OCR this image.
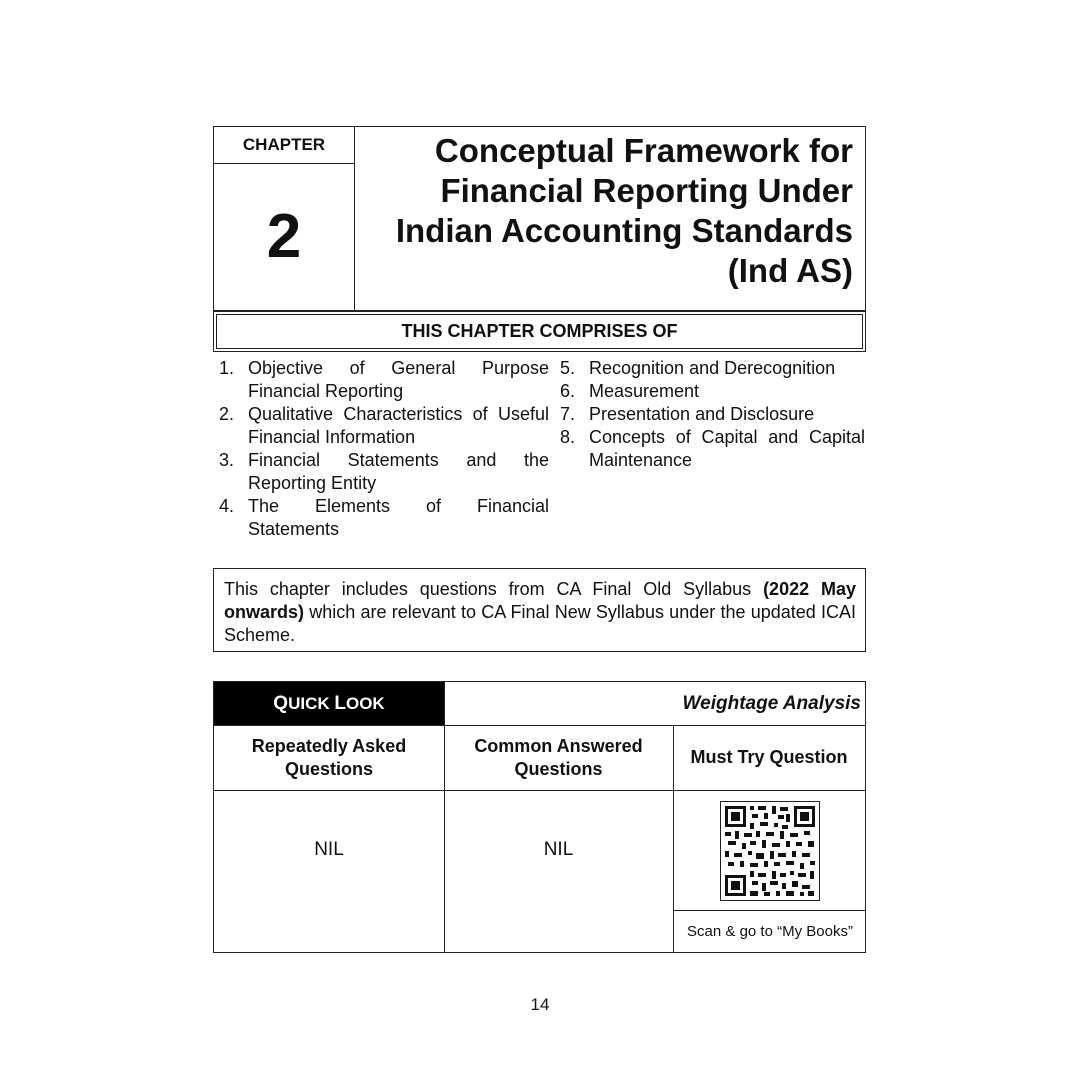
CHAPTER
2
Conceptual Framework for
Financial Reporting Under
Indian Accounting Standards
(Ind AS)
THIS CHAPTER COMPRISES OF
1. Objective of General Purpose Financial Reporting
2. Qualitative Characteristics of Useful Financial Information
3. Financial Statements and the Reporting Entity
4. The Elements of Financial Statements
5. Recognition and Derecognition
6. Measurement
7. Presentation and Disclosure
8. Concepts of Capital and Capital Maintenance
This chapter includes questions from CA Final Old Syllabus (2022 May onwards) which are relevant to CA Final New Syllabus under the updated ICAI Scheme.
Q UICK
L OOK	Weightage Analysis
Repeatedly Asked Questions
Common Answered Questions
Must Try Question
NIL	NIL
Scan & go to “My Books”
14
